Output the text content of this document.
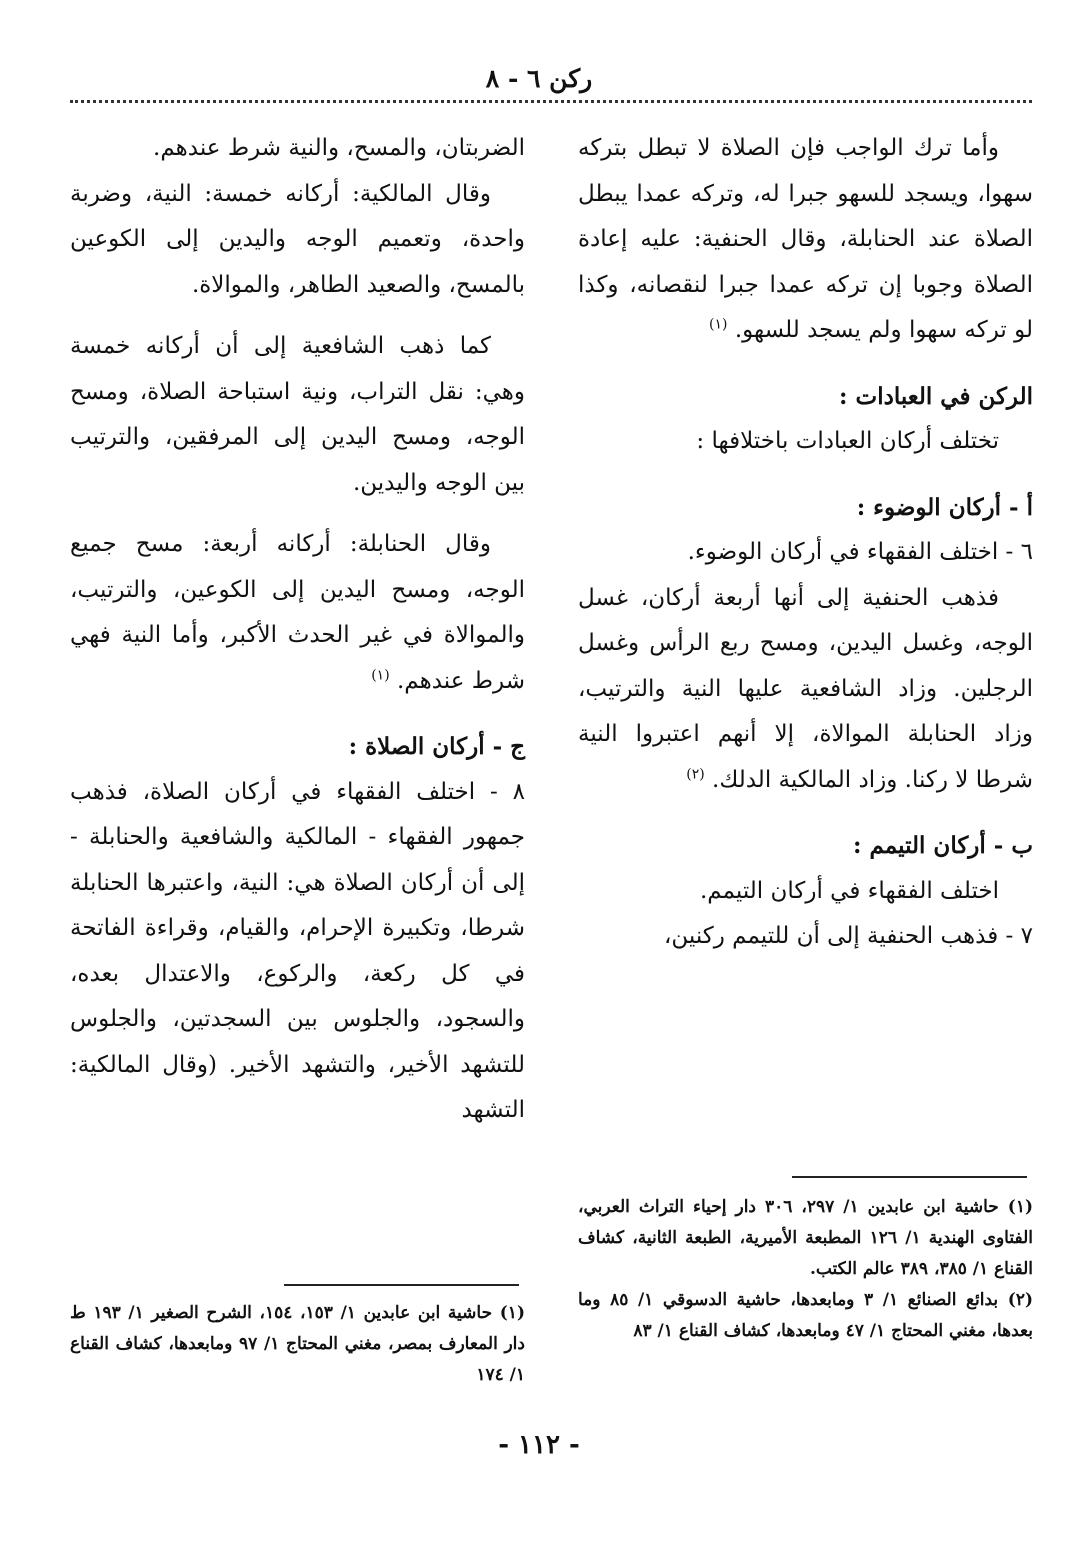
ركن ٦ - ٨

وأما ترك الواجب فإن الصلاة لا تبطل بتركه سهوا، ويسجد للسهو جبرا له، وتركه عمدا يبطل الصلاة عند الحنابلة، وقال الحنفية: عليه إعادة الصلاة وجوبا إن تركه عمدا جبرا لنقصانه، وكذا لو تركه سهوا ولم يسجد للسهو. $^{(١)}$

الركن في العبادات :

تختلف أركان العبادات باختلافها :

أ - أركان الوضوء :

٦ - اختلف الفقهاء في أركان الوضوء.

فذهب الحنفية إلى أنها أربعة أركان، غسل الوجه، وغسل اليدين، ومسح ربع الرأس وغسل الرجلين. وزاد الشافعية عليها النية والترتيب، وزاد الحنابلة الموالاة، إلا أنهم اعتبروا النية شرطا لا ركنا. وزاد المالكية الدلك. $^{(٢)}$

ب - أركان التيمم :

اختلف الفقهاء في أركان التيمم.

٧ - فذهب الحنفية إلى أن للتيمم ركنين،

الضربتان، والمسح، والنية شرط عندهم.

وقال المالكية: أركانه خمسة: النية، وضربة واحدة، وتعميم الوجه واليدين إلى الكوعين بالمسح، والصعيد الطاهر، والموالاة.

كما ذهب الشافعية إلى أن أركانه خمسة وهي: نقل التراب، ونية استباحة الصلاة، ومسح الوجه، ومسح اليدين إلى المرفقين، والترتيب بين الوجه واليدين.

وقال الحنابلة: أركانه أربعة: مسح جميع الوجه، ومسح اليدين إلى الكوعين، والترتيب، والموالاة في غير الحدث الأكبر، وأما النية فهي شرط عندهم. $^{(١)}$

ج - أركان الصلاة :

٨ - اختلف الفقهاء في أركان الصلاة، فذهب جمهور الفقهاء - المالكية والشافعية والحنابلة - إلى أن أركان الصلاة هي: النية، واعتبرها الحنابلة شرطا، وتكبيرة الإحرام، والقيام، وقراءة الفاتحة في كل ركعة، والركوع، والاعتدال بعده، والسجود، والجلوس بين السجدتين، والجلوس للتشهد الأخير، والتشهد الأخير. (وقال المالكية: التشهد

(١) حاشية ابن عابدين ١/ ٢٩٧، ٣٠٦ دار إحياء التراث العربي، الفتاوى الهندية ١/ ١٢٦ المطبعة الأميرية، الطبعة الثانية، كشاف القناع ١/ ٣٨٥، ٣٨٩ عالم الكتب.

(٢) بدائع الصنائع ١/ ٣ ومابعدها، حاشية الدسوقي ١/ ٨٥ وما بعدها، مغني المحتاج ١/ ٤٧ ومابعدها، كشاف القناع ١/ ٨٣

(١) حاشية ابن عابدين ١/ ١٥٣، ١٥٤، الشرح الصغير ١/ ١٩٣ ط دار المعارف بمصر، مغني المحتاج ١/ ٩٧ ومابعدها، كشاف القناع ١/ ١٧٤

- ١١٢ -
